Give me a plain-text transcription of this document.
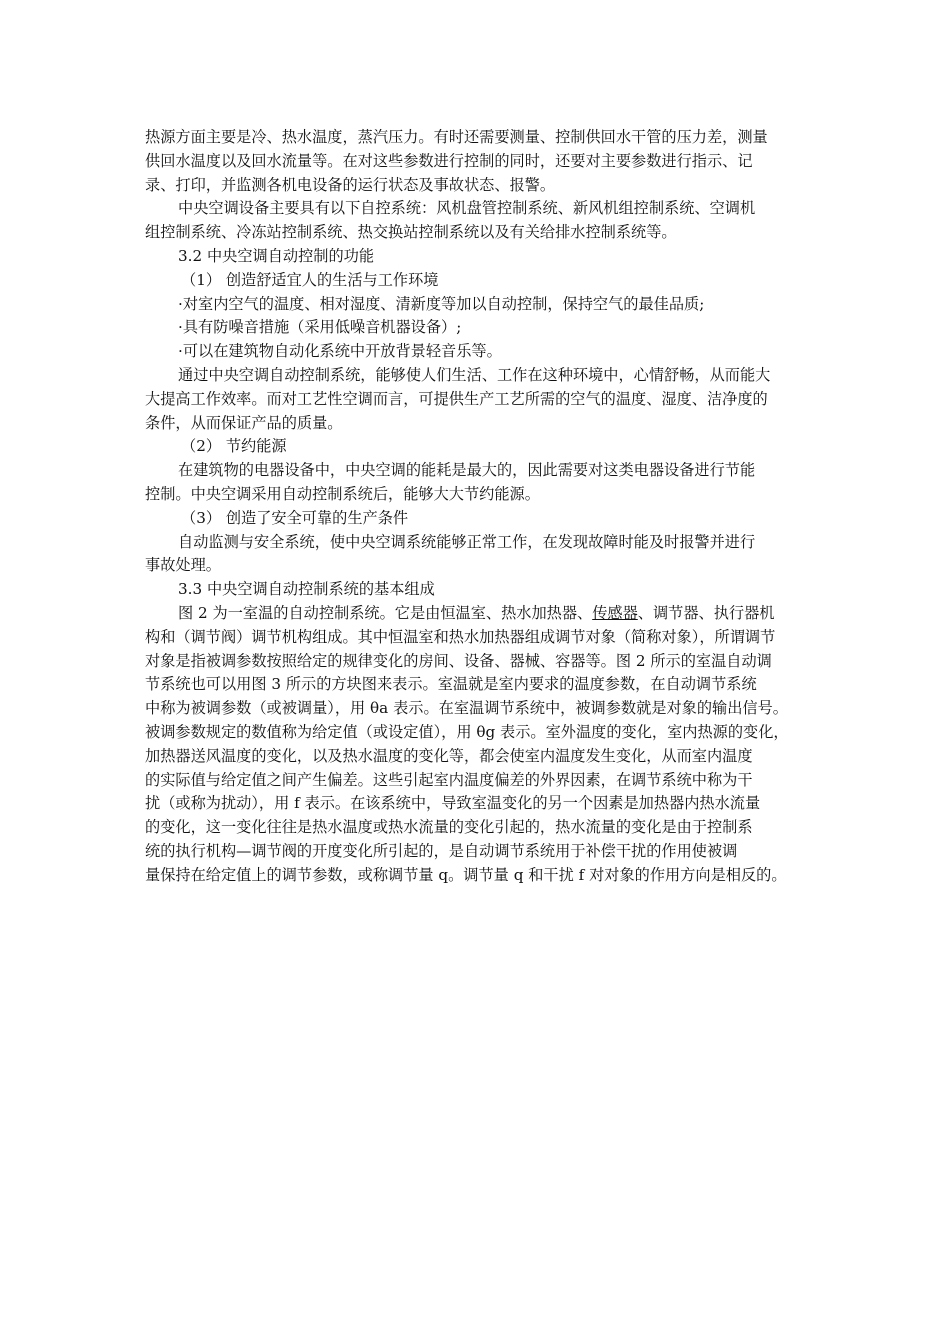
热源方面主要是冷、热水温度，蒸汽压力。有时还需要测量、控制供回水干管的压力差，测量
供回水温度以及回水流量等。在对这些参数进行控制的同时，还要对主要参数进行指示、记
录、打印，并监测各机电设备的运行状态及事故状态、报警。
中央空调设备主要具有以下自控系统：风机盘管控制系统、新风机组控制系统、空调机
组控制系统、冷冻站控制系统、热交换站控制系统以及有关给排水控制系统等。
3.2 中央空调自动控制的功能
（1） 创造舒适宜人的生活与工作环境
·对室内空气的温度、相对湿度、清新度等加以自动控制，保持空气的最佳品质;
·具有防噪音措施（采用低噪音机器设备）;
·可以在建筑物自动化系统中开放背景轻音乐等。
通过中央空调自动控制系统，能够使人们生活、工作在这种环境中，心情舒畅，从而能大
大提高工作效率。而对工艺性空调而言，可提供生产工艺所需的空气的温度、湿度、洁净度的
条件，从而保证产品的质量。
（2） 节约能源
在建筑物的电器设备中，中央空调的能耗是最大的，因此需要对这类电器设备进行节能
控制。中央空调采用自动控制系统后，能够大大节约能源。
（3） 创造了安全可靠的生产条件
自动监测与安全系统，使中央空调系统能够正常工作，在发现故障时能及时报警并进行
事故处理。
3.3 中央空调自动控制系统的基本组成
图 2 为一室温的自动控制系统。它是由恒温室、热水加热器、传感器、调节器、执行器机
构和（调节阀）调节机构组成。其中恒温室和热水加热器组成调节对象（简称对象），所谓调节
对象是指被调参数按照给定的规律变化的房间、设备、器械、容器等。图 2 所示的室温自动调
节系统也可以用图 3 所示的方块图来表示。室温就是室内要求的温度参数，在自动调节系统
中称为被调参数（或被调量），用 θa 表示。在室温调节系统中，被调参数就是对象的输出信号。
被调参数规定的数值称为给定值（或设定值），用 θg 表示。室外温度的变化，室内热源的变化，
加热器送风温度的变化，以及热水温度的变化等，都会使室内温度发生变化，从而室内温度
的实际值与给定值之间产生偏差。这些引起室内温度偏差的外界因素，在调节系统中称为干
扰（或称为扰动），用 f 表示。在该系统中，导致室温变化的另一个因素是加热器内热水流量
的变化，这一变化往往是热水温度或热水流量的变化引起的，热水流量的变化是由于控制系
统的执行机构—调节阀的开度变化所引起的，是自动调节系统用于补偿干扰的作用使被调
量保持在给定值上的调节参数，或称调节量 q。调节量 q 和干扰 f 对对象的作用方向是相反的。
